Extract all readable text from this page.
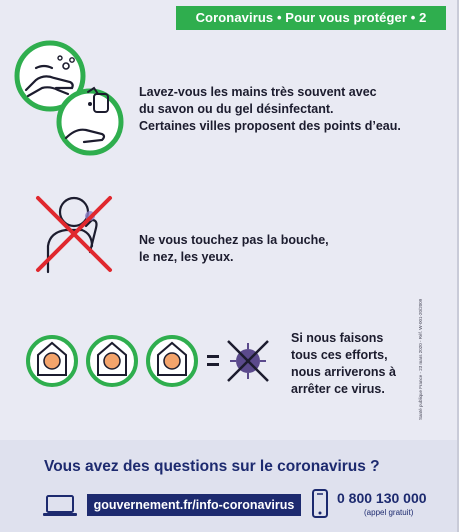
Coronavirus • Pour vous protéger • 2
Lavez-vous les mains très souvent avec
du savon ou du gel désinfectant.
Certaines villes proposent des points d’eau.
Ne vous touchez pas la bouche,
le nez, les yeux.
Si nous faisons
tous ces efforts,
nous arriverons à
arrêter ce virus.	Santé publique France - 23 mars 2020 - Réf. W-001-20/2009
Vous avez des questions sur le coronavirus ?
gouvernement.fr/info-coronavirus	0 800 130 000
(appel gratuit)
